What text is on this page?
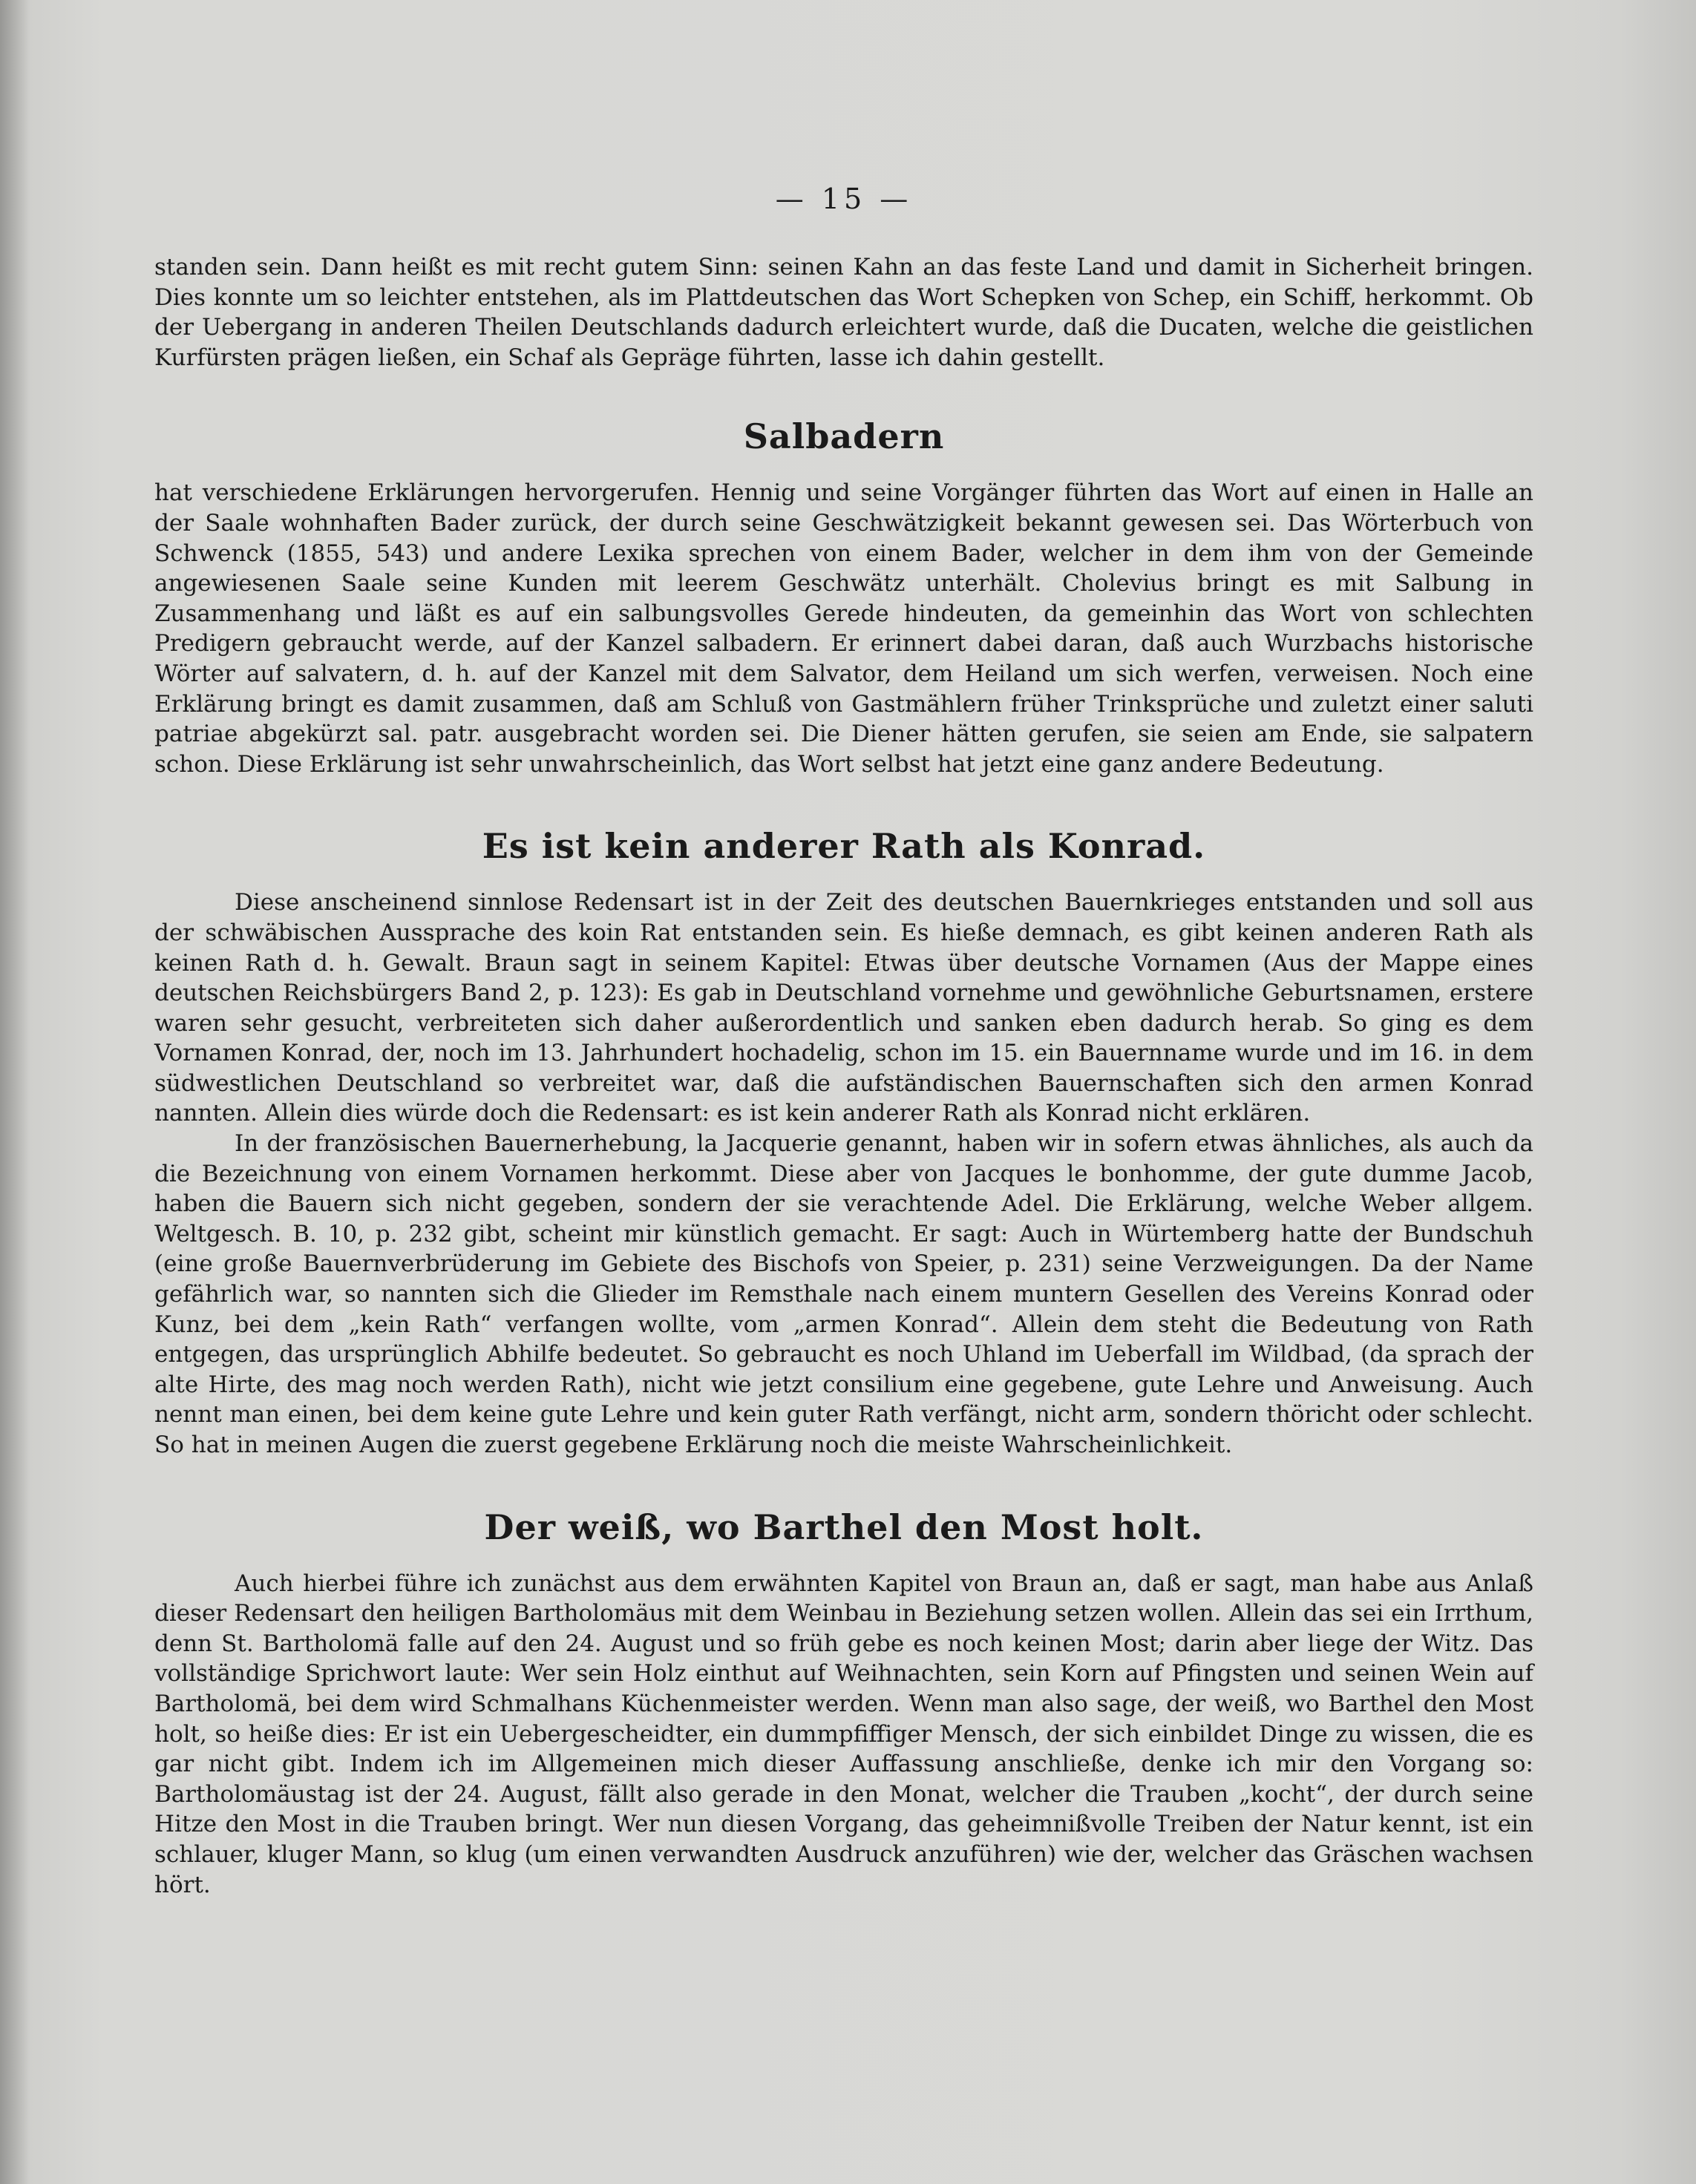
— 15 —

standen sein. Dann heißt es mit recht gutem Sinn: seinen Kahn an das feste Land und damit in Sicherheit bringen. Dies konnte um so leichter entstehen, als im Plattdeutschen das Wort Schepken von Schep, ein Schiff, herkommt. Ob der Uebergang in anderen Theilen Deutschlands dadurch erleichtert wurde, daß die Ducaten, welche die geistlichen Kurfürsten prägen ließen, ein Schaf als Gepräge führten, lasse ich dahin gestellt.

Salbadern

hat verschiedene Erklärungen hervorgerufen. Hennig und seine Vorgänger führten das Wort auf einen in Halle an der Saale wohnhaften Bader zurück, der durch seine Geschwätzigkeit bekannt gewesen sei. Das Wörterbuch von Schwenck (1855, 543) und andere Lexika sprechen von einem Bader, welcher in dem ihm von der Gemeinde angewiesenen Saale seine Kunden mit leerem Geschwätz unterhält. Cholevius bringt es mit Salbung in Zusammenhang und läßt es auf ein salbungsvolles Gerede hindeuten, da gemeinhin das Wort von schlechten Predigern gebraucht werde, auf der Kanzel salbadern. Er erinnert dabei daran, daß auch Wurzbachs historische Wörter auf salvatern, d. h. auf der Kanzel mit dem Salvator, dem Heiland um sich werfen, verweisen. Noch eine Erklärung bringt es damit zusammen, daß am Schluß von Gastmählern früher Trinksprüche und zuletzt einer saluti patriae abgekürzt sal. patr. ausgebracht worden sei. Die Diener hätten gerufen, sie seien am Ende, sie salpatern schon. Diese Erklärung ist sehr unwahrscheinlich, das Wort selbst hat jetzt eine ganz andere Bedeutung.

Es ist kein anderer Rath als Konrad.

Diese anscheinend sinnlose Redensart ist in der Zeit des deutschen Bauernkrieges entstanden und soll aus der schwäbischen Aussprache des koin Rat entstanden sein. Es hieße demnach, es gibt keinen anderen Rath als keinen Rath d. h. Gewalt. Braun sagt in seinem Kapitel: Etwas über deutsche Vornamen (Aus der Mappe eines deutschen Reichsbürgers Band 2, p. 123): Es gab in Deutschland vornehme und gewöhnliche Geburtsnamen, erstere waren sehr gesucht, verbreiteten sich daher außerordentlich und sanken eben dadurch herab. So ging es dem Vornamen Konrad, der, noch im 13. Jahrhundert hochadelig, schon im 15. ein Bauernname wurde und im 16. in dem südwestlichen Deutschland so verbreitet war, daß die aufständischen Bauernschaften sich den armen Konrad nannten. Allein dies würde doch die Redensart: es ist kein anderer Rath als Konrad nicht erklären.

In der französischen Bauernerhebung, la Jacquerie genannt, haben wir in sofern etwas ähnliches, als auch da die Bezeichnung von einem Vornamen herkommt. Diese aber von Jacques le bonhomme, der gute dumme Jacob, haben die Bauern sich nicht gegeben, sondern der sie verachtende Adel. Die Erklärung, welche Weber allgem. Weltgesch. B. 10, p. 232 gibt, scheint mir künstlich gemacht. Er sagt: Auch in Würtemberg hatte der Bundschuh (eine große Bauernverbrüderung im Gebiete des Bischofs von Speier, p. 231) seine Verzweigungen. Da der Name gefährlich war, so nannten sich die Glieder im Remsthale nach einem muntern Gesellen des Vereins Konrad oder Kunz, bei dem „kein Rath“ verfangen wollte, vom „armen Konrad“. Allein dem steht die Bedeutung von Rath entgegen, das ursprünglich Abhilfe bedeutet. So gebraucht es noch Uhland im Ueberfall im Wildbad, (da sprach der alte Hirte, des mag noch werden Rath), nicht wie jetzt consilium eine gegebene, gute Lehre und Anweisung. Auch nennt man einen, bei dem keine gute Lehre und kein guter Rath verfängt, nicht arm, sondern thöricht oder schlecht. So hat in meinen Augen die zuerst gegebene Erklärung noch die meiste Wahrscheinlichkeit.

Der weiß, wo Barthel den Most holt.

Auch hierbei führe ich zunächst aus dem erwähnten Kapitel von Braun an, daß er sagt, man habe aus Anlaß dieser Redensart den heiligen Bartholomäus mit dem Weinbau in Beziehung setzen wollen. Allein das sei ein Irrthum, denn St. Bartholomä falle auf den 24. August und so früh gebe es noch keinen Most; darin aber liege der Witz. Das vollständige Sprichwort laute: Wer sein Holz einthut auf Weihnachten, sein Korn auf Pfingsten und seinen Wein auf Bartholomä, bei dem wird Schmalhans Küchenmeister werden. Wenn man also sage, der weiß, wo Barthel den Most holt, so heiße dies: Er ist ein Uebergescheidter, ein dummpfiffiger Mensch, der sich einbildet Dinge zu wissen, die es gar nicht gibt. Indem ich im Allgemeinen mich dieser Auffassung anschließe, denke ich mir den Vorgang so: Bartholomäustag ist der 24. August, fällt also gerade in den Monat, welcher die Trauben „kocht“, der durch seine Hitze den Most in die Trauben bringt. Wer nun diesen Vorgang, das geheimnißvolle Treiben der Natur kennt, ist ein schlauer, kluger Mann, so klug (um einen verwandten Ausdruck anzuführen) wie der, welcher das Gräschen wachsen hört.
